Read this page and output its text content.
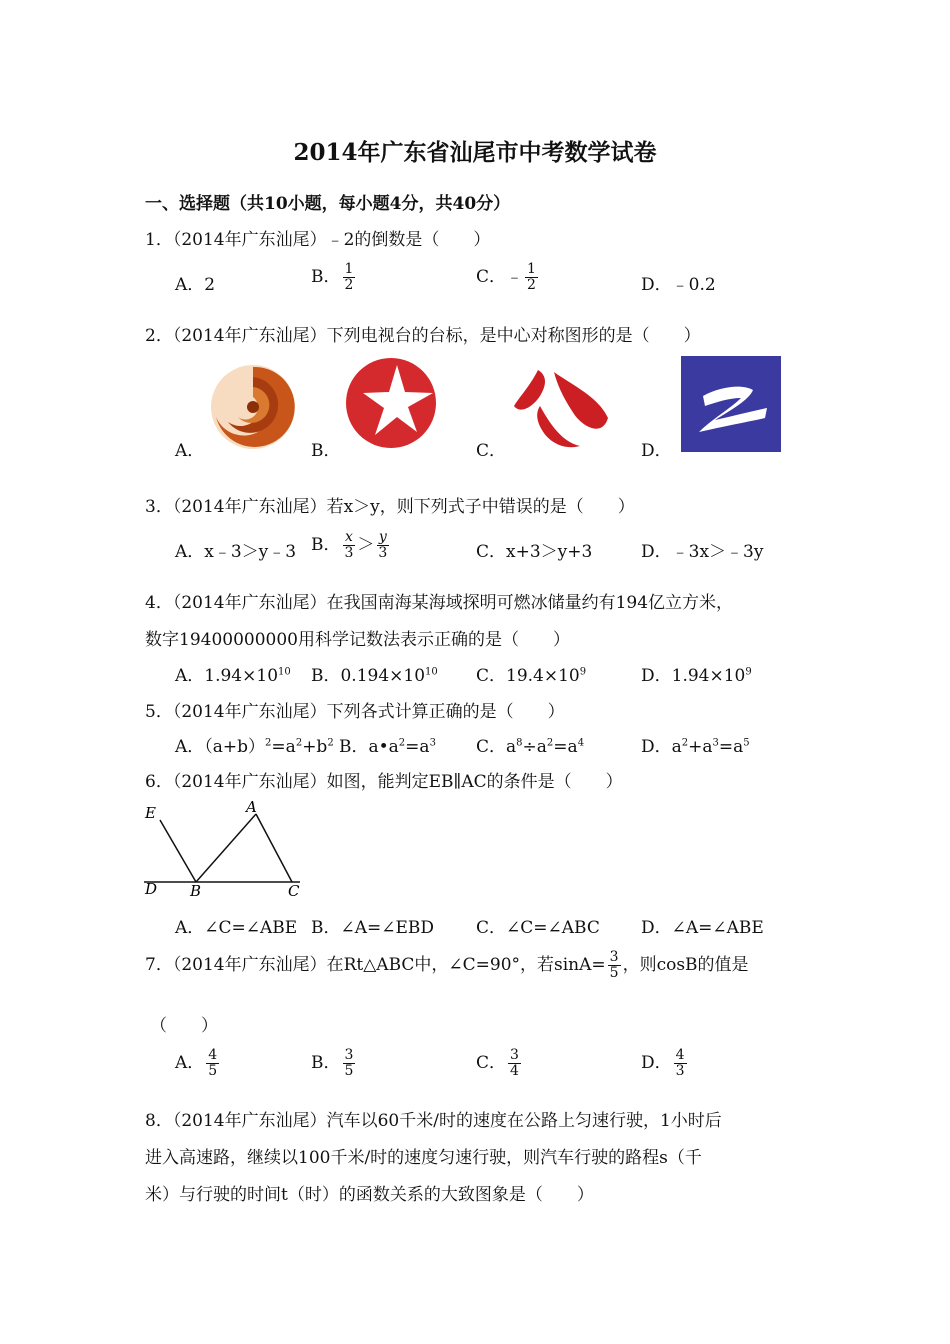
2014年广东省汕尾市中考数学试卷
一、选择题（共10小题，每小题4分，共40分）
1．（2014年广东汕尾）﹣2的倒数是（　　）
A．2	B． $\frac{1}{2}$	C．﹣ $\frac{1}{2}$	D．﹣0.2
2．（2014年广东汕尾）下列电视台的台标，是中心对称图形的是（　　）
A．	B．	C．	D．
3．（2014年广东汕尾）若x＞y，则下列式子中错误的是（　　）
A．x﹣3＞y﹣3 B． $\frac{x}{3} > \frac{y}{3}$	C．x+3＞y+3	D．﹣3x＞﹣3y
4．（2014年广东汕尾）在我国南海某海域探明可燃冰储量约有194亿立方米，
数字19400000000用科学记数法表示正确的是（　　）
A．$1.94\times 10^{10}$ B．$0.194\times 10^{10}$ C．$19.4\times 10^9$	D．$1.94\times 10^9$
5．（2014年广东汕尾）下列各式计算正确的是（　　）
A．$(a+b)^2=a^2+b^2$ B．$a•a^2=a^3$ C．$a^8\div a^2=a^4$	D．$a^2+a^3=a^5$
6．（2014年广东汕尾）如图，能判定EB∥AC的条件是（　　）
E	A
D B	C
A．∠C=∠ABE B．∠A=∠EBD C．∠C=∠ABC D．∠A=∠ABE
7．（2014年广东汕尾）在Rt△ABC中，∠C=90°，若$\sin A= \frac{3}{5}$ ，则cosB的值是
（　　）
A． $\frac{4}{5}$	B． $\frac{3}{5}$	C． $\frac{3}{4}$	D． $\frac{4}{3}$
8．（2014年广东汕尾）汽车以60千米/时的速度在公路上匀速行驶，1小时后
进入高速路，继续以100千米/时的速度匀速行驶，则汽车行驶的路程s（千
米）与行驶的时间t（时）的函数关系的大致图象是（　　）
